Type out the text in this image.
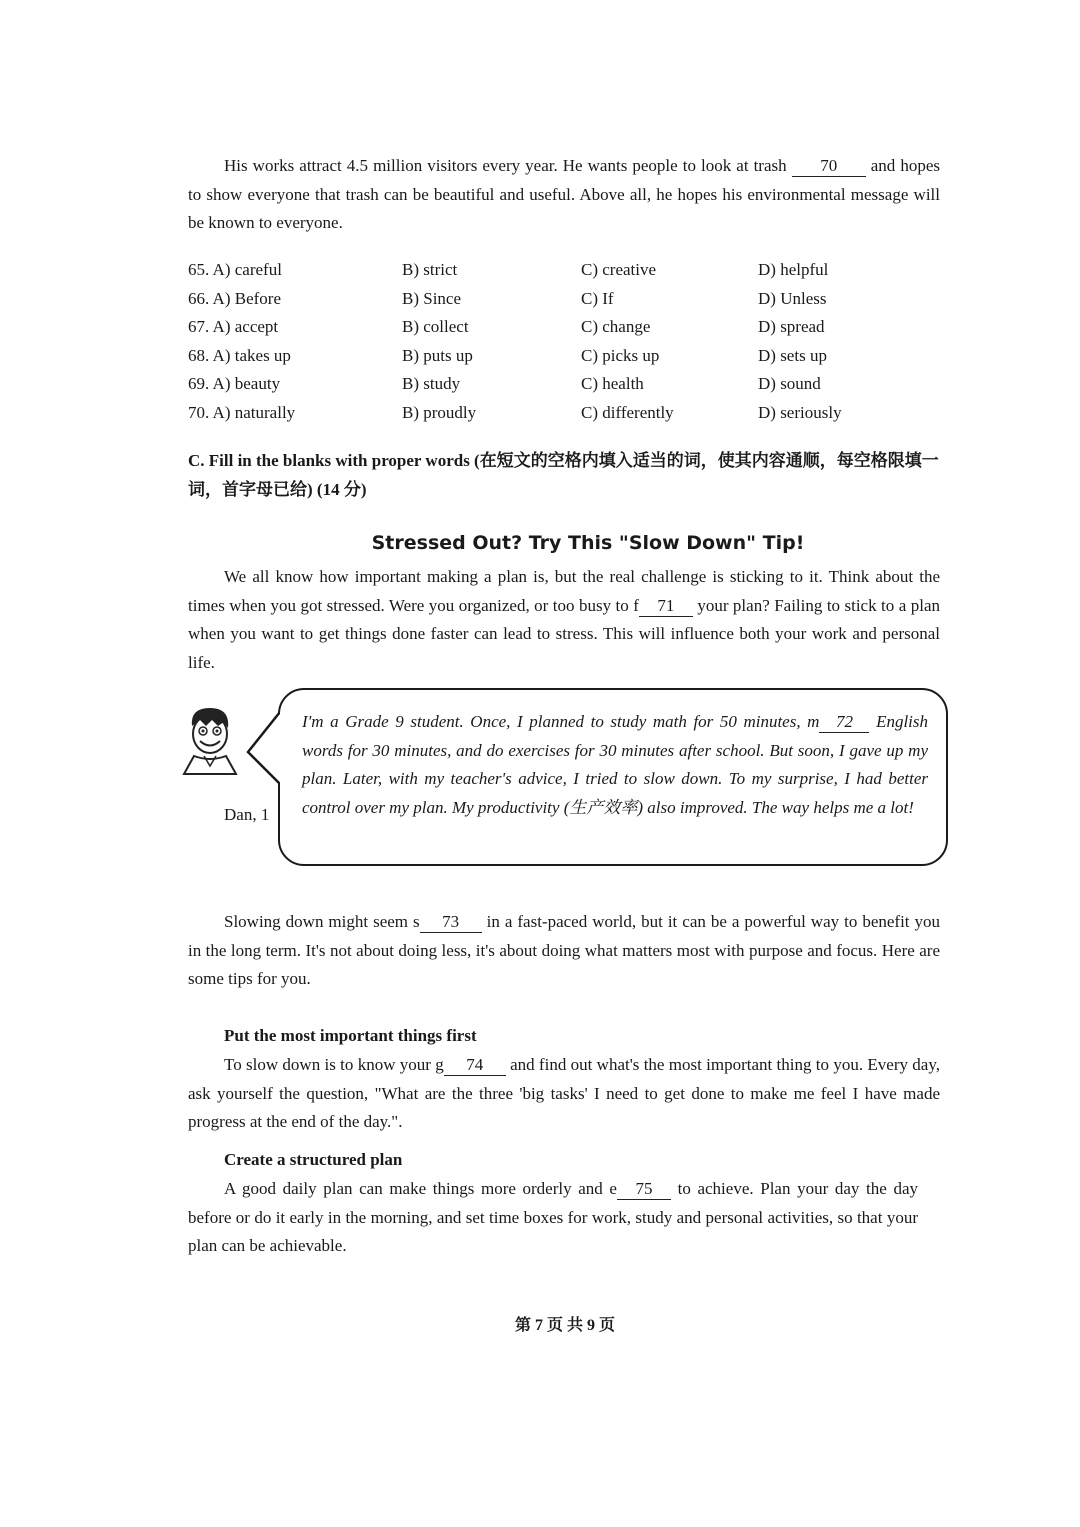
His works attract 4.5 million visitors every year. He wants people to look at trash 70 and hopes to show everyone that trash can be beautiful and useful. Above all, he hopes his environmental message will be known to everyone.

65. A) careful	B) strict	C) creative	D) helpful
66. A) Before	B) Since	C) If	D) Unless
67. A) accept	B) collect	C) change	D) spread
68. A) takes up	B) puts up	C) picks up	D) sets up
69. A) beauty	B) study	C) health	D) sound
70. A) naturally	B) proudly	C) differently	D) seriously

C. Fill in the blanks with proper words (在短文的空格内填入适当的词，使其内容通顺，每空格限填一词，首字母已给) (14 分)

Stressed Out? Try This "Slow Down" Tip!

We all know how important making a plan is, but the real challenge is sticking to it. Think about the times when you got stressed. Were you organized, or too busy to f 71 your plan? Failing to stick to a plan when you want to get things done faster can lead to stress. This will influence both your work and personal life.

I'm a Grade 9 student. Once, I planned to study math for 50 minutes, m 72 English words for 30 minutes, and do exercises for 30 minutes after school. But soon, I gave up my plan. Later, with my teacher's advice, I tried to slow down. To my surprise, I had better control over my plan. My productivity (生产效率) also improved. The way helps me a lot!

Dan, 1

Slowing down might seem s 73 in a fast-paced world, but it can be a powerful way to benefit you in the long term. It's not about doing less, it's about doing what matters most with purpose and focus. Here are some tips for you.

Put the most important things first

To slow down is to know your g 74 and find out what's the most important thing to you. Every day, ask yourself the question, "What are the three 'big tasks' I need to get done to make me feel I have made progress at the end of the day.".

Create a structured plan

A good daily plan can make things more orderly and e 75 to achieve. Plan your day the day before or do it early in the morning, and set time boxes for work, study and personal activities, so that your plan can be achievable.

第 7 页 共 9 页
